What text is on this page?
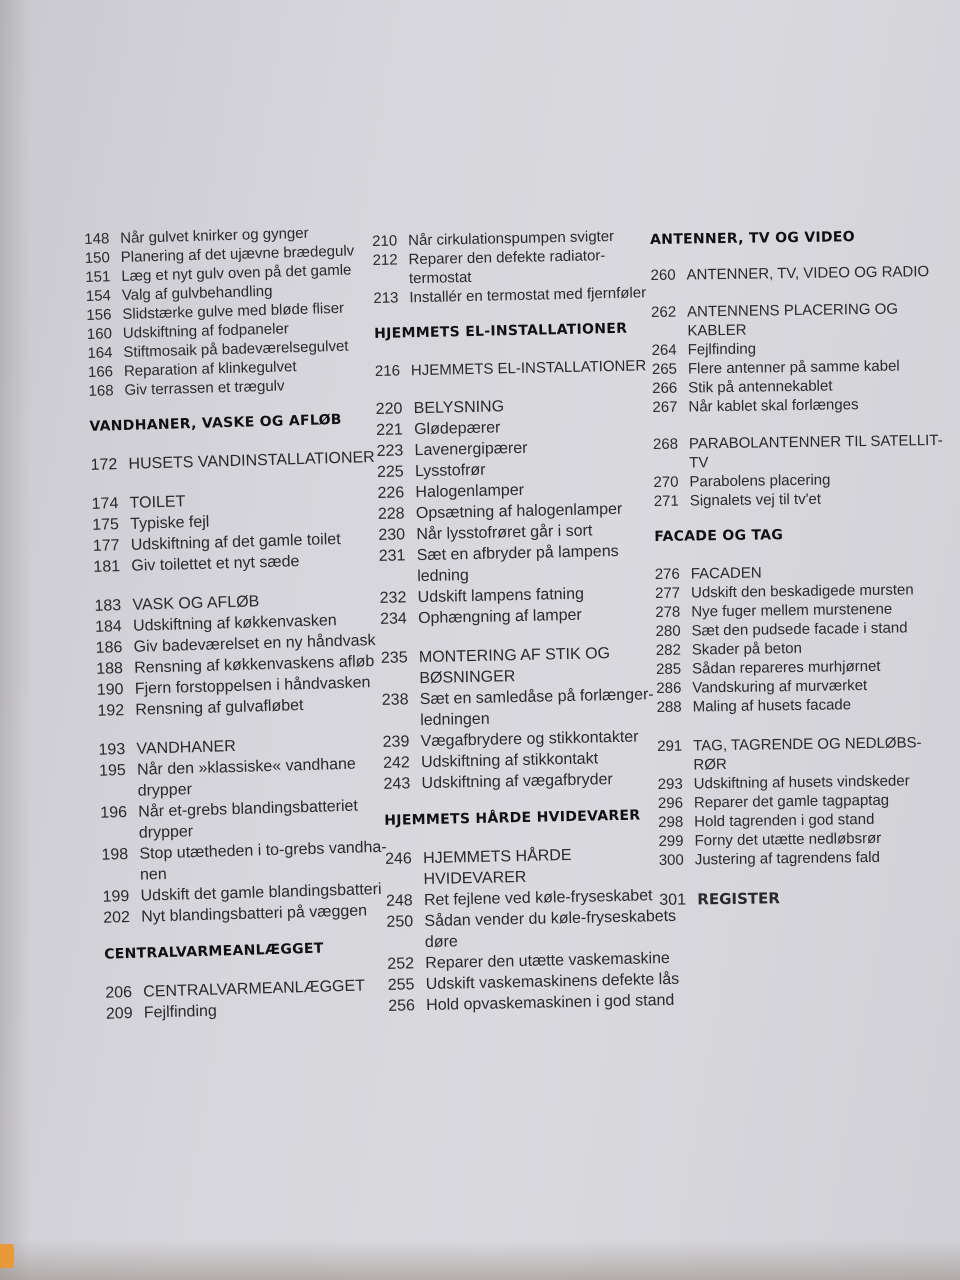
148 Når gulvet knirker og gynger
150 Planering af det ujævne brædegulv
151 Læg et nyt gulv oven på det gamle
154 Valg af gulvbehandling
156 Slidstærke gulve med bløde fliser
160 Udskiftning af fodpaneler
164 Stiftmosaik på badeværelsegulvet
166 Reparation af klinkegulvet
168 Giv terrassen et trægulv
VANDHANER, VASKE OG AFLØB
172 HUSETS VANDINSTALLATIONER
174 TOILET
175 Typiske fejl
177 Udskiftning af det gamle toilet
181 Giv toilettet et nyt sæde
183 VASK OG AFLØB
184 Udskiftning af køkkenvasken
186 Giv badeværelset en ny håndvask
188 Rensning af køkkenvaskens afløb
190 Fjern forstoppelsen i håndvasken
192 Rensning af gulvafløbet
193 VANDHANER
195 Når den »klassiske« vandhane drypper
196 Når et-grebs blandingsbatteriet drypper
198 Stop utætheden i to-grebs vandha-nen
199 Udskift det gamle blandingsbatteri
202 Nyt blandingsbatteri på væggen
CENTRALVARMEANLÆGGET
206 CENTRALVARMEANLÆGGET
209 Fejlfinding
210 Når cirkulationspumpen svigter
212 Reparer den defekte radiator-termostat
213 Installér en termostat med fjernføler
HJEMMETS EL-INSTALLATIONER
216 HJEMMETS EL-INSTALLATIONER
220 BELYSNING
221 Glødepærer
223 Lavenergipærer
225 Lysstofrør
226 Halogenlamper
228 Opsætning af halogenlamper
230 Når lysstofrøret går i sort
231 Sæt en afbryder på lampens ledning
232 Udskift lampens fatning
234 Ophængning af lamper
235 MONTERING AF STIK OG BØSNINGER
238 Sæt en samledåse på forlænger-ledningen
239 Vægafbrydere og stikkontakter
242 Udskiftning af stikkontakt
243 Udskiftning af vægafbryder
HJEMMETS HÅRDE HVIDEVARER
246 HJEMMETS HÅRDE HVIDEVARER
248 Ret fejlene ved køle-fryseskabet
250 Sådan vender du køle-fryseskabets døre
252 Reparer den utætte vaskemaskine
255 Udskift vaskemaskinens defekte lås
256 Hold opvaskemaskinen i god stand
ANTENNER, TV OG VIDEO
260 ANTENNER, TV, VIDEO OG RADIO
262 ANTENNENS PLACERING OG KABLER
264 Fejlfinding
265 Flere antenner på samme kabel
266 Stik på antennekablet
267 Når kablet skal forlænges
268 PARABOLANTENNER TIL SATELLIT-TV
270 Parabolens placering
271 Signalets vej til tv'et
FACADE OG TAG
276 FACADEN
277 Udskift den beskadigede mursten
278 Nye fuger mellem murstenene
280 Sæt den pudsede facade i stand
282 Skader på beton
285 Sådan repareres murhjørnet
286 Vandskuring af murværket
288 Maling af husets facade
291 TAG, TAGRENDE OG NEDLØBS-RØR
293 Udskiftning af husets vindskeder
296 Reparer det gamle tagpaptag
298 Hold tagrenden i god stand
299 Forny det utætte nedløbsrør
300 Justering af tagrendens fald
301 REGISTER
